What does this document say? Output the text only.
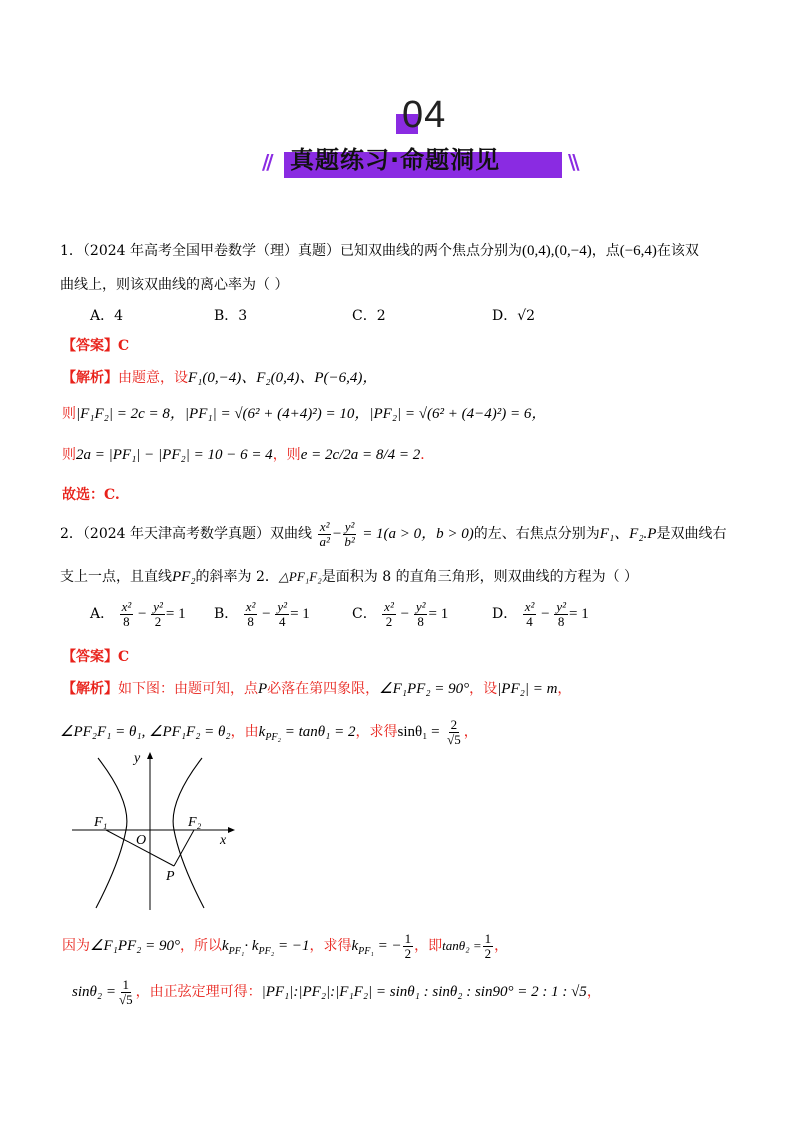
04
// 真题练习·命题洞见	\\
1．（2024 年高考全国甲卷数学（理）真题）已知双曲线的两个焦点分别为(0,4),(0,−4)，点(−6,4)在该双
曲线上，则该双曲线的离心率为（ ）
A．4	B．3	C．2	D．√2
【答案】C
【解析】由题意，设F₁(0,−4)、F₂(0,4)、P(−6,4)，
则|F₁F₂| = 2c = 8，|PF₁| = √(6² + (4+4)²) = 10，|PF₂| = √(6² + (4−4)²) = 6，
则2a = |PF₁| − |PF₂| = 10 − 6 = 4，则e = 2c/2a = 8/4 = 2．
故选：C.
2．（2024 年天津高考数学真题）双曲线 $\frac{\text{x²}}{\text{a²}} - \frac{\text{y²}}{\text{b²}} = 1(a > 0$，b > 0)的左、右焦点分别为F₁、F₂.P是双曲线右
支上一点，且直线PF₂的斜率为 2．△PF₁F₂是面积为 8 的直角三角形，则双曲线的方程为（ ）
A． $\frac{\text{x²}}{8} - \frac{\text{y²}}{2} = 1$ B． $\frac{\text{x²}}{8} - \frac{\text{y²}}{4} = 1$	C． $\frac{\text{x²}}{2} - \frac{\text{y²}}{8} = 1$	D． $\frac{\text{x²}}{4} - \frac{\text{y²}}{8} = 1$
【答案】C
【解析】如下图：由题可知，点P必落在第四象限，∠F₁PF₂ = 90°，设|PF₂| = m，
∠PF₂F₁ = θ₁, ∠PF₁F₂ = θ₂，由$k_{PF_2} = \tan\theta_1 = 2$，求得$\sin\theta_1 = \frac{2}{√5}$ ，
y
x
O
F₁	F₂
P
因为∠F₁PF₂ = 90°，所以$k_{PF_1}\cdot k_{PF_2} = -1$，求得$k_{PF_1}$ = − $\frac{1}{2}$ ，即$\tan\theta_2 = \frac{1}{2}$ ，
$\sin\theta_2 = \frac{1}{√5}$ ，由正弦定理可得：|PF₁|:|PF₂|:|F₁F₂| = sinθ₁ : sinθ₂ : sin90° = 2 : 1 : √5，
